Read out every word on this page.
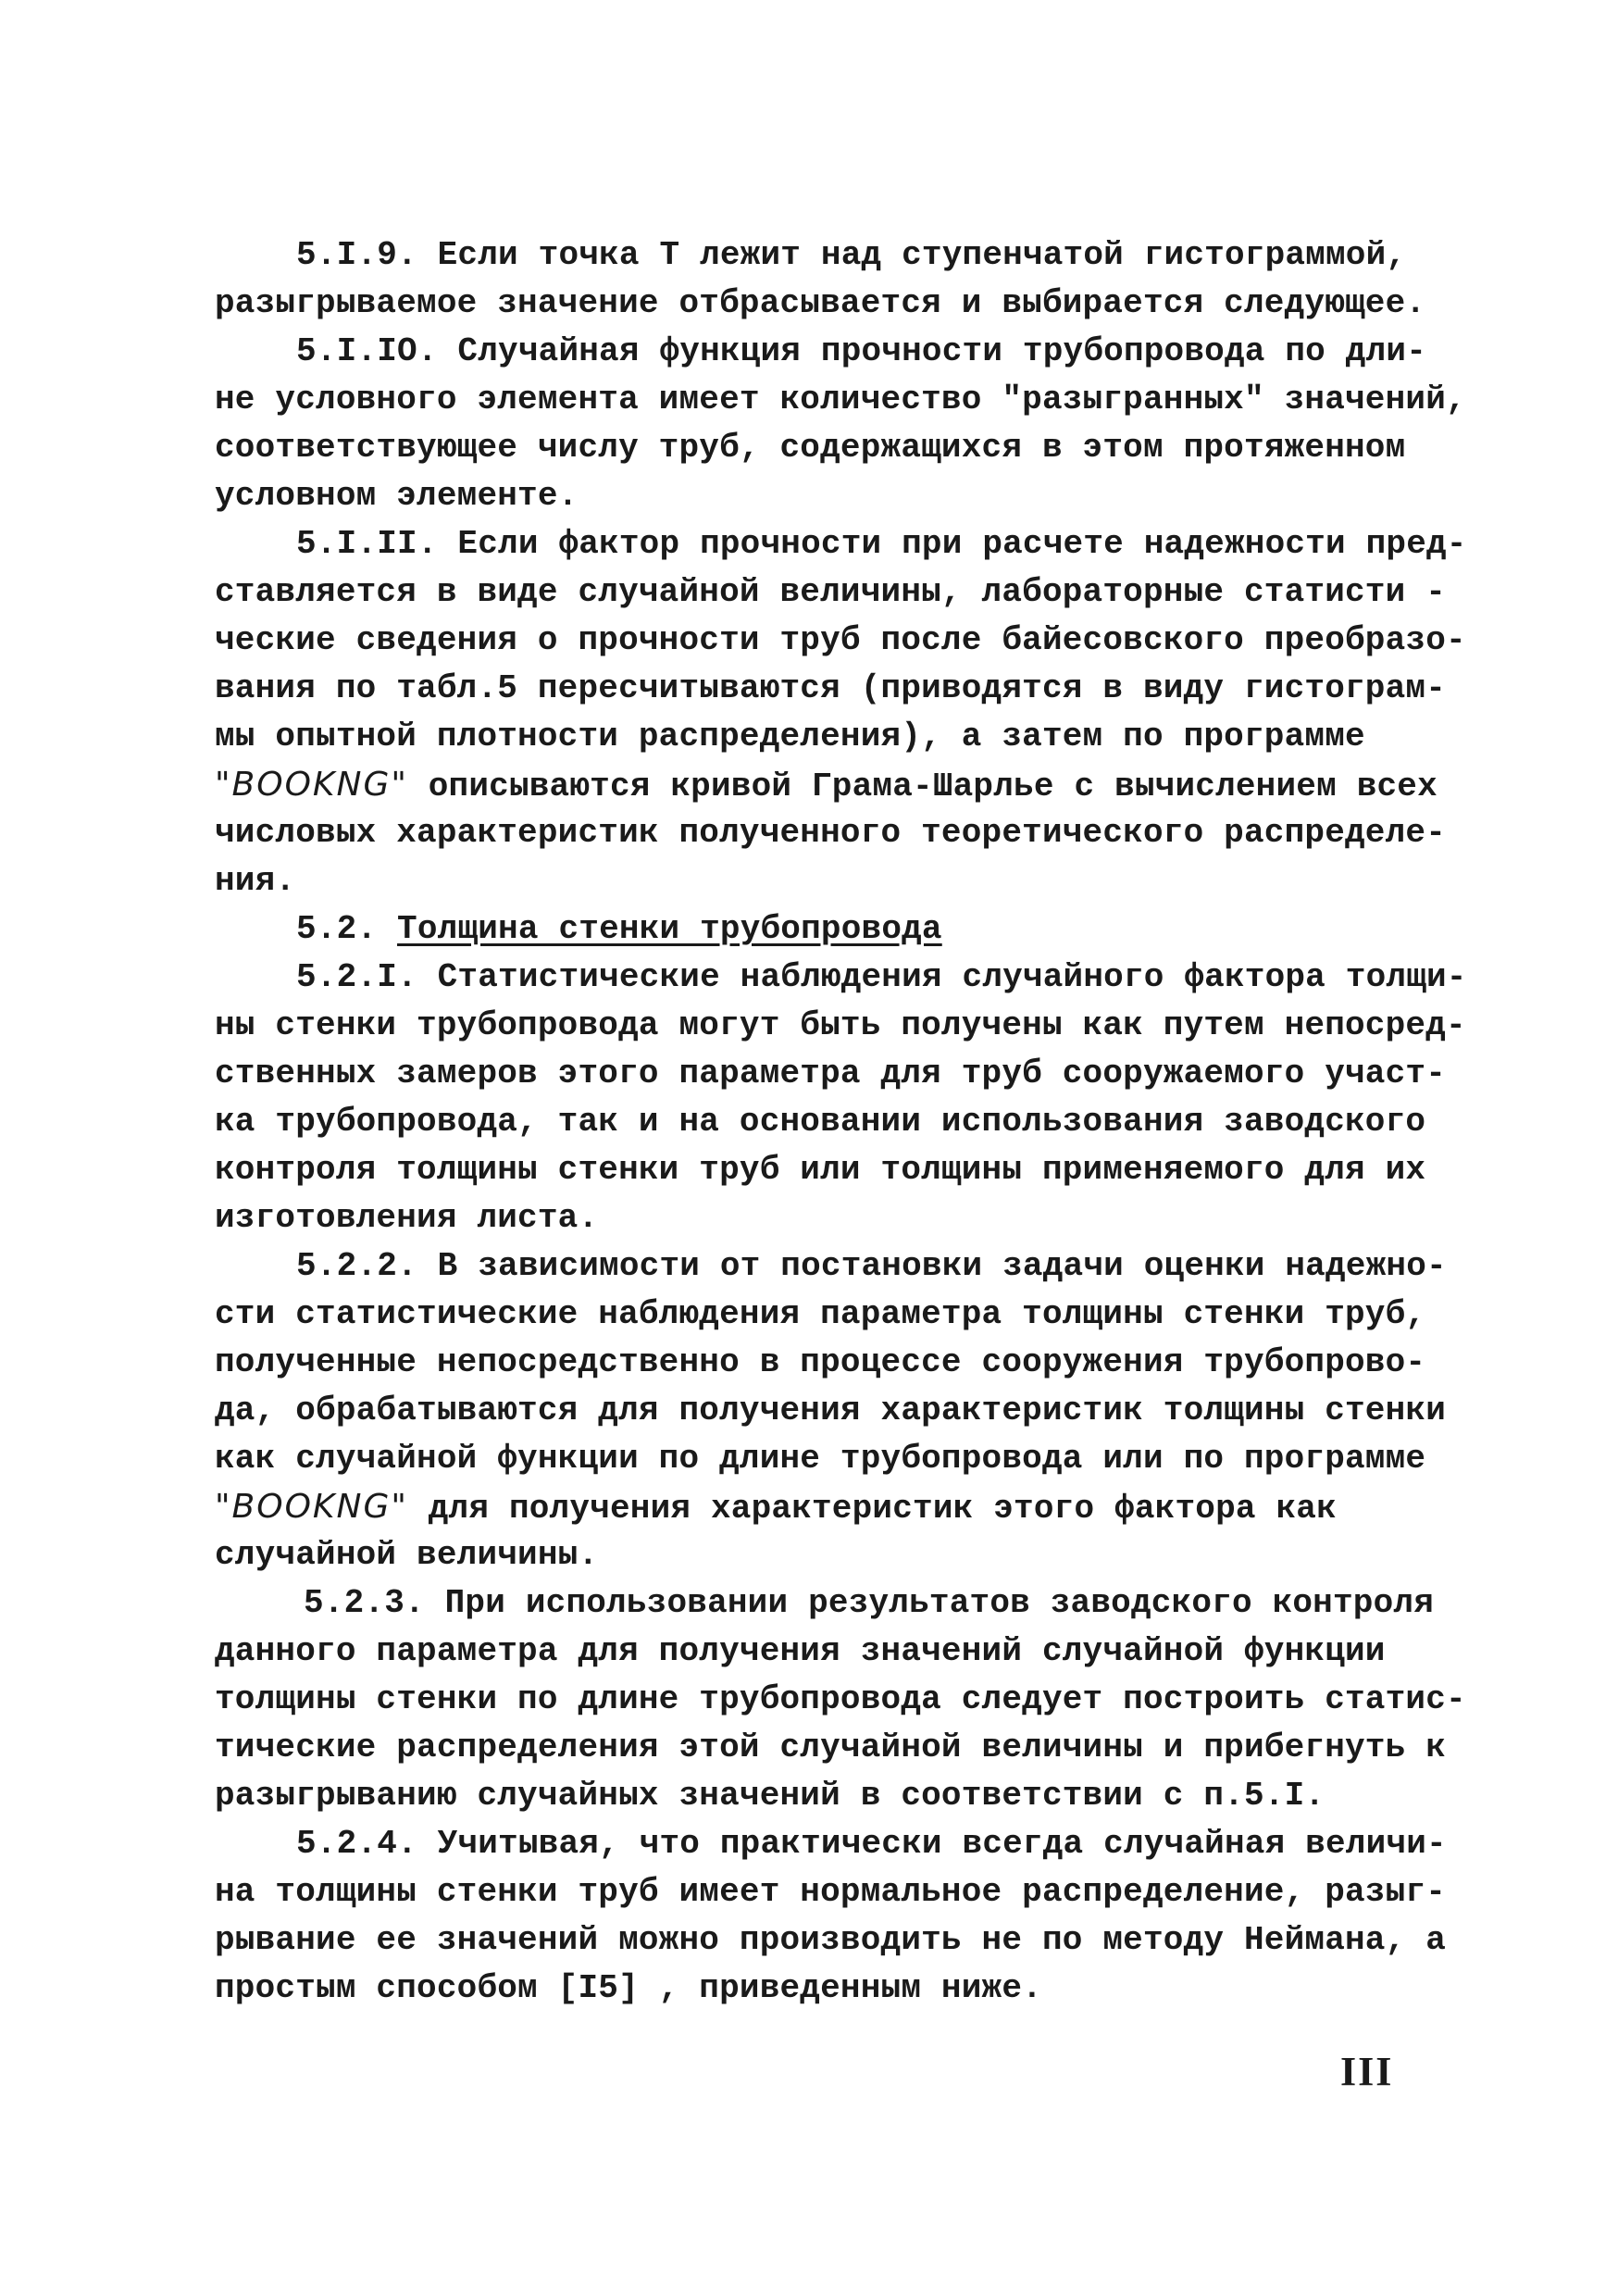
5.I.9. Если точка Т лежит над ступенчатой гистограммой,
разыгрываемое значение отбрасывается и выбирается следующее.
5.I.IO. Случайная функция прочности трубопровода по дли-
не условного элемента имеет количество "разыгранных" значений,
соответствующее числу труб, содержащихся в этом протяженном
условном элементе.
5.I.II. Если фактор прочности при расчете надежности пред-
ставляется в виде случайной величины, лабораторные статисти -
ческие сведения о прочности труб после байесовского преобразо-
вания по табл.5 пересчитываются (приводятся в виду гистограм-
мы опытной плотности распределения), а затем по программе
"BOOKNG" описываются кривой Грама-Шарлье с вычислением всех
числовых характеристик полученного теоретического распределе-
ния.
5.2. Толщина стенки трубопровода
5.2.I. Статистические наблюдения случайного фактора толщи-
ны стенки трубопровода могут быть получены как путем непосред-
ственных замеров этого параметра для труб сооружаемого участ-
ка трубопровода, так и на основании использования заводского
контроля толщины стенки труб или толщины применяемого для их
изготовления листа.
5.2.2. В зависимости от постановки задачи оценки надежно-
сти статистические наблюдения параметра толщины стенки труб,
полученные непосредственно в процессе сооружения трубопрово-
да, обрабатываются для получения характеристик толщины стенки
как случайной функции по длине трубопровода или по программе
"BOOKNG" для получения характеристик этого фактора как
случайной величины.
5.2.3. При использовании результатов заводского контроля
данного параметра для получения значений случайной функции
толщины стенки по длине трубопровода следует построить статис-
тические распределения этой случайной величины и прибегнуть к
разыгрыванию случайных значений в соответствии с п.5.I.
5.2.4. Учитывая, что практически всегда случайная величи-
на толщины стенки труб имеет нормальное распределение, разыг-
рывание ее значений можно производить не по методу Неймана, а
простым способом [I5] , приведенным ниже.
III
